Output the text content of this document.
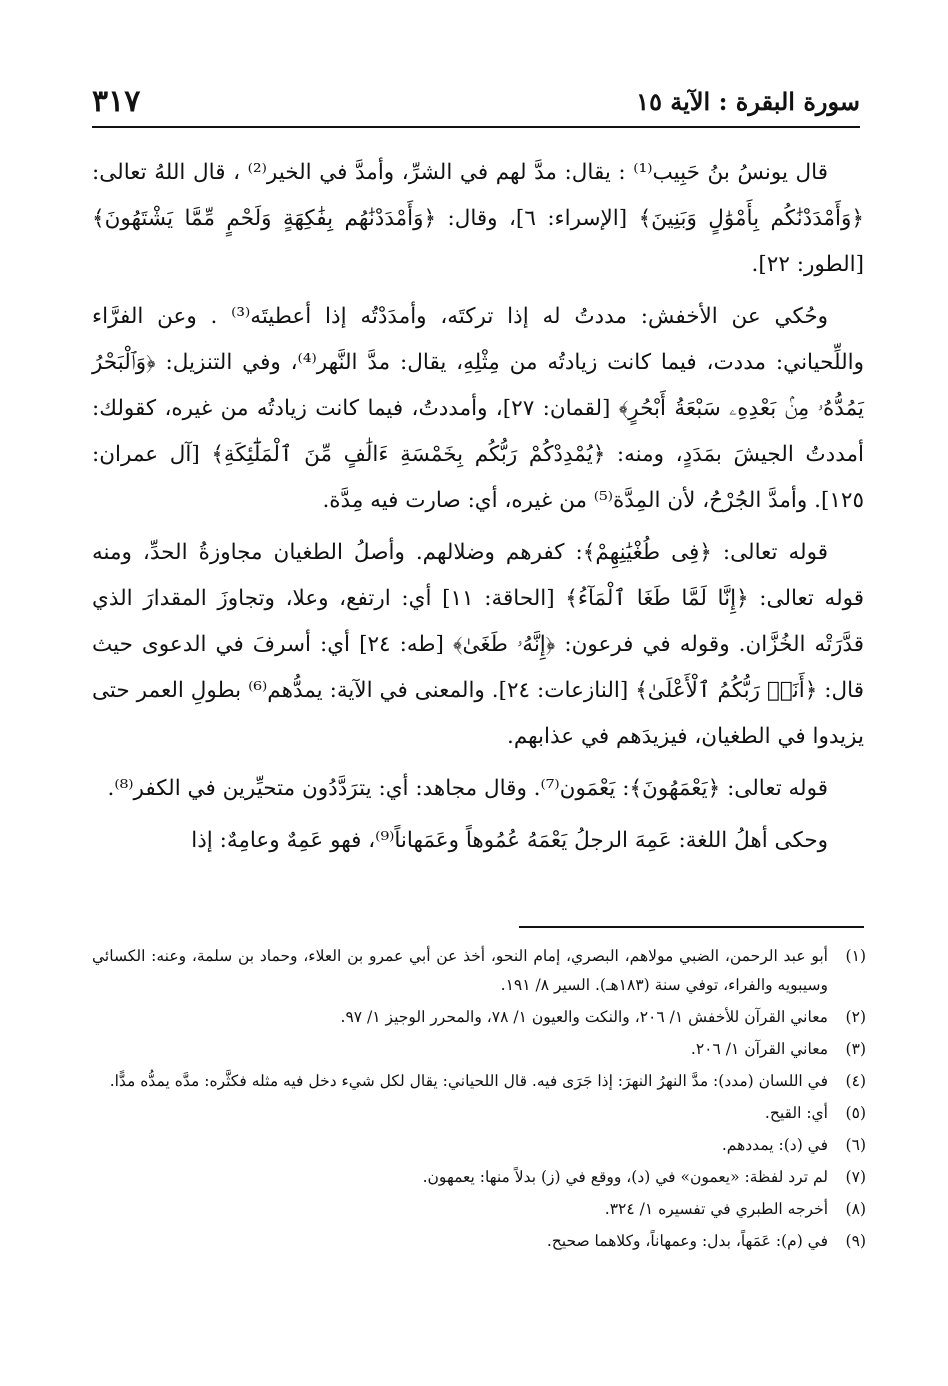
٣١٧	سورة البقرة : الآية ١٥

قال يونسُ بنُ حَبِيب⁽¹⁾ : يقال: مدَّ لهم في الشرِّ، وأمدَّ في الخير⁽²⁾ ، قال اللهُ تعالى: ﴿وَأَمْدَدْنَٰكُم بِأَمْوَٰلٍ وَبَنِينَ﴾ [الإسراء: ٦]، وقال: ﴿وَأَمْدَدْنَٰهُم بِفَٰكِهَةٍ وَلَحْمٍ مِّمَّا يَشْتَهُونَ﴾ [الطور: ٢٢].

وحُكي عن الأخفش: مددتُ له إذا تركتَه، وأمدَدْتُه إذا أعطيتَه⁽³⁾ . وعن الفرَّاء واللِّحياني: مددت، فيما كانت زيادتُه من مِثْلِهِ، يقال: مدَّ النَّهر⁽⁴⁾، وفي التنزيل: ﴿وَٱلْبَحْرُ يَمُدُّهُۥ مِنۢ بَعْدِهِۦ سَبْعَةُ أَبْحُرٍ﴾ [لقمان: ٢٧]، وأمددتُ، فيما كانت زيادتُه من غيره، كقولك: أمددتُ الجيشَ بمَدَدٍ، ومنه: ﴿يُمْدِدْكُمْ رَبُّكُم بِخَمْسَةِ ءَالَٰفٍ مِّنَ ٱلْمَلَٰٓئِكَةِ﴾ [آل عمران: ١٢٥]. وأمدَّ الجُرْحُ، لأن المِدَّة⁽⁵⁾ من غيره، أي: صارت فيه مِدَّة.

قوله تعالى: ﴿فِى طُغْيَٰنِهِمْ﴾: كفرهم وضلالهم. وأصلُ الطغيان مجاوزةُ الحدِّ، ومنه قوله تعالى: ﴿إِنَّا لَمَّا طَغَا ٱلْمَآءُ﴾ [الحاقة: ١١] أي: ارتفع، وعلا، وتجاوزَ المقدارَ الذي قدَّرَتْه الخُزَّان. وقوله في فرعون: ﴿إِنَّهُۥ طَغَىٰ﴾ [طه: ٢٤] أي: أسرفَ في الدعوى حيث قال: ﴿أَنَا۠ رَبُّكُمُ ٱلْأَعْلَىٰ﴾ [النازعات: ٢٤]. والمعنى في الآية: يمدُّهم⁽⁶⁾ بطولِ العمر حتى يزيدوا في الطغيان، فيزيدَهم في عذابهم.

قوله تعالى: ﴿يَعْمَهُونَ﴾: يَعْمَون⁽⁷⁾. وقال مجاهد: أي: يترَدَّدُون متحيِّرين في الكفر⁽⁸⁾.

وحكى أهلُ اللغة: عَمِهَ الرجلُ يَعْمَهُ عُمُوهاً وعَمَهاناً⁽⁹⁾، فهو عَمِهٌ وعامِهٌ: إذا

(١)
أبو عبد الرحمن، الضبي مولاهم، البصري، إمام النحو، أخذ عن أبي عمرو بن العلاء، وحماد بن سلمة، وعنه: الكسائي وسيبويه والفراء، توفي سنة (١٨٣هـ). السير ٨/ ١٩١.
(٢)
معاني القرآن للأخفش ١/ ٢٠٦، والنكت والعيون ١/ ٧٨، والمحرر الوجيز ١/ ٩٧.
(٣)
معاني القرآن ١/ ٢٠٦.
(٤)
في اللسان (مدد): مدَّ النهرُ النهرَ: إذا جَرَى فيه. قال اللحياني: يقال لكل شيء دخل فيه مثله فكثَّره: مدَّه يمدُّه مدًّا.
(٥)
أي: القيح.
(٦)
في (د): يمددهم.
(٧)
لم ترد لفظة: «يعمون» في (د)، ووقع في (ز) بدلاً منها: يعمهون.
(٨)
أخرجه الطبري في تفسيره ١/ ٣٢٤.
(٩)
في (م): عَمَهاً، بدل: وعمهاناً، وكلاهما صحيح.
